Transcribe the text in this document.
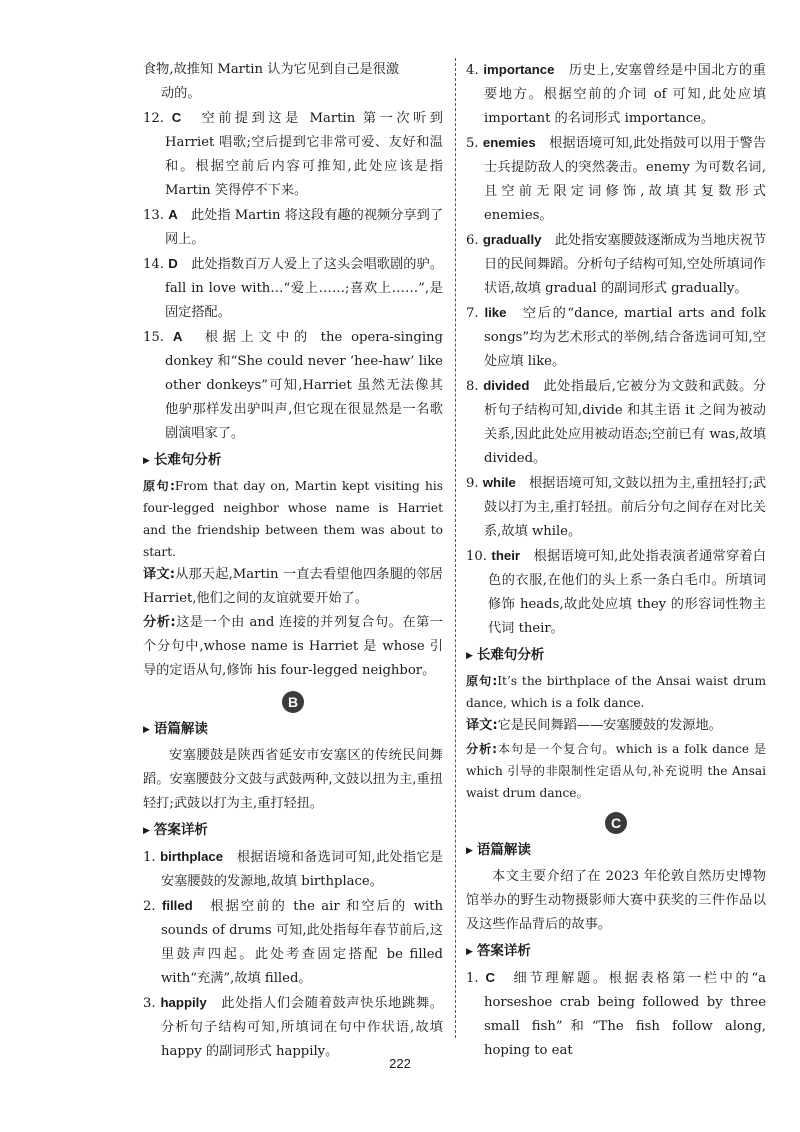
食物,故推知 Martin 认为它见到自己是很激

动的。

12. C　 空前提到这是 Martin 第一次听到 Harriet 唱歌;空后提到它非常可爱、友好和温和。根据空前后内容可推知,此处应该是指 Martin 笑得停不下来。

13. A　 此处指 Martin 将这段有趣的视频分享到了网上。

14. D　 此处指数百万人爱上了这头会唱歌剧的驴。fall in love with…“爱上……;喜欢上……”,是固定搭配。

15. A　 根据上文中的 the opera-singing donkey 和“She could never ‘hee-haw’ like other donkeys”可知,Harriet 虽然无法像其他驴那样发出驴叫声,但它现在很显然是一名歌剧演唱家了。

▶ 长难句分析

原句:From that day on, Martin kept visiting his four-legged neighbor whose name is Harriet and the friendship between them was about to start.

译文:从那天起,Martin 一直去看望他四条腿的邻居 Harriet,他们之间的友谊就要开始了。

分析:这是一个由 and 连接的并列复合句。在第一个分句中,whose name is Harriet 是 whose 引导的定语从句,修饰 his four-legged neighbor。

B
▶ 语篇解读

安塞腰鼓是陕西省延安市安塞区的传统民间舞蹈。安塞腰鼓分文鼓与武鼓两种,文鼓以扭为主,重扭轻打;武鼓以打为主,重打轻扭。

▶ 答案详析

1. birthplace　 根据语境和备选词可知,此处指它是安塞腰鼓的发源地,故填 birthplace。

2. filled　 根据空前的 the air 和空后的 with sounds of drums 可知,此处指每年春节前后,这里鼓声四起。此处考查固定搭配 be filled with“充满”,故填 filled。

3. happily　 此处指人们会随着鼓声快乐地跳舞。分析句子结构可知,所填词在句中作状语,故填 happy 的副词形式 happily。

4. importance　 历史上,安塞曾经是中国北方的重要地方。根据空前的介词 of 可知,此处应填 important 的名词形式 importance。

5. enemies　 根据语境可知,此处指鼓可以用于警告士兵提防敌人的突然袭击。enemy 为可数名词,且空前无限定词修饰,故填其复数形式 enemies。

6. gradually　 此处指安塞腰鼓逐渐成为当地庆祝节日的民间舞蹈。分析句子结构可知,空处所填词作状语,故填 gradual 的副词形式 gradually。

7. like　 空后的“dance, martial arts and folk songs”均为艺术形式的举例,结合备选词可知,空处应填 like。

8. divided　 此处指最后,它被分为文鼓和武鼓。分析句子结构可知,divide 和其主语 it 之间为被动关系,因此此处应用被动语态;空前已有 was,故填 divided。

9. while　 根据语境可知,文鼓以扭为主,重扭轻打;武鼓以打为主,重打轻扭。前后分句之间存在对比关系,故填 while。

10. their　 根据语境可知,此处指表演者通常穿着白色的衣服,在他们的头上系一条白毛巾。所填词修饰 heads,故此处应填 they 的形容词性物主代词 their。

▶ 长难句分析

原句:It’s the birthplace of the Ansai waist drum dance, which is a folk dance.

译文:它是民间舞蹈——安塞腰鼓的发源地。

分析:本句是一个复合句。which is a folk dance 是 which 引导的非限制性定语从句,补充说明 the Ansai waist drum dance。

C
▶ 语篇解读

本文主要介绍了在 2023 年伦敦自然历史博物馆举办的野生动物摄影师大赛中获奖的三件作品以及这些作品背后的故事。

▶ 答案详析

1. C　 细节理解题。根据表格第一栏中的“a horseshoe crab being followed by three small fish”和“The fish follow along, hoping to eat

222
